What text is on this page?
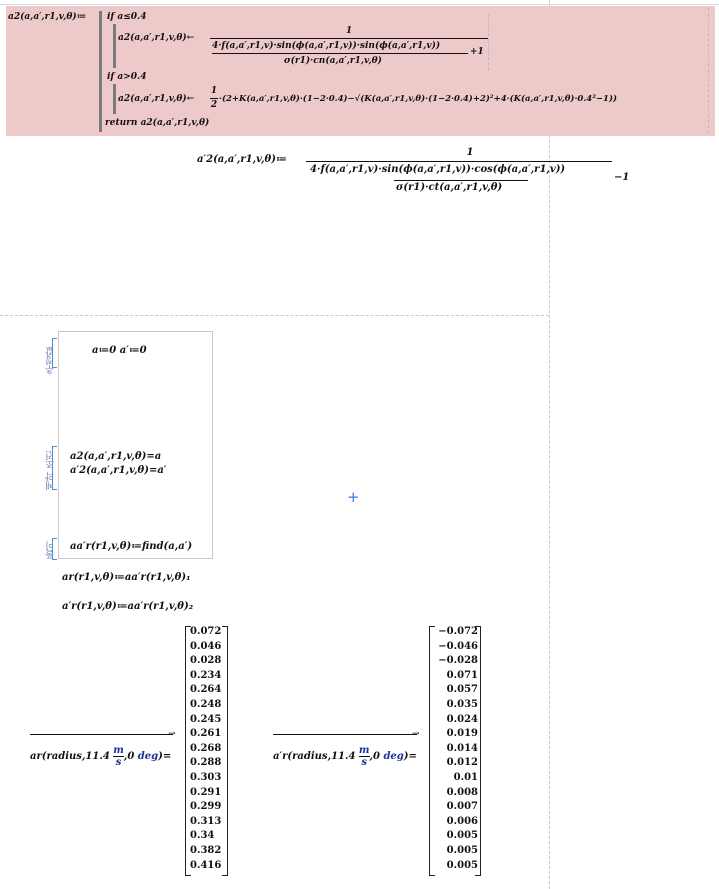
a2(a,a′,r1,v,θ)≔ if a≤0.4
a2(a,a′,r1,v,θ)←
1
4·f(a,a′,r1,v)·sin(ϕ(a,a′,r1,v))·sin(ϕ(a,a′,r1,v))
σ(r1)·cn(a,a′,r1,v,θ)
+1
if a>0.4
a2(a,a′,r1,v,θ)←
1
2
·(2+K(a,a′,r1,v,θ)·(1−2·0.4)−√(K(a,a′,r1,v,θ)·(1−2·0.4)+2)²+4·(K(a,a′,r1,v,θ)·0.4²−1))
return a2(a,a′,r1,v,θ)
a′2(a,a′,r1,v,θ)≔
1
4·f(a,a′,r1,v)·sin(ϕ(a,a′,r1,v))·cos(ϕ(a,a′,r1,v))
σ(r1)·ct(a,a′,r1,v,θ)
−1
추정값	a≔0 a′≔0
제약 조건 a2(a,a′,r1,v,θ)=a
a′2(a,a′,r1,v,θ)=a′
풀이 aa′r(r1,v,θ)≔find(a,a′)
+
ar(r1,v,θ)≔aa′r(r1,v,θ)₁
a′r(r1,v,θ)≔aa′r(r1,v,θ)₂
→
ar(radius,11.4 $\frac{m}{s},0$ deg)=
0.072
0.046
0.028
0.234
0.264
0.248
0.245
0.261
0.268
0.288
0.303
0.291
0.299
0.313
0.34
0.382
0.416
→
a′r(radius,11.4 $\frac{m}{s},0$ deg)=
−0.072
−0.046
−0.028
0.071
0.057
0.035
0.024
0.019
0.014
0.012
0.01
0.008
0.007
0.006
0.005
0.005
0.005
